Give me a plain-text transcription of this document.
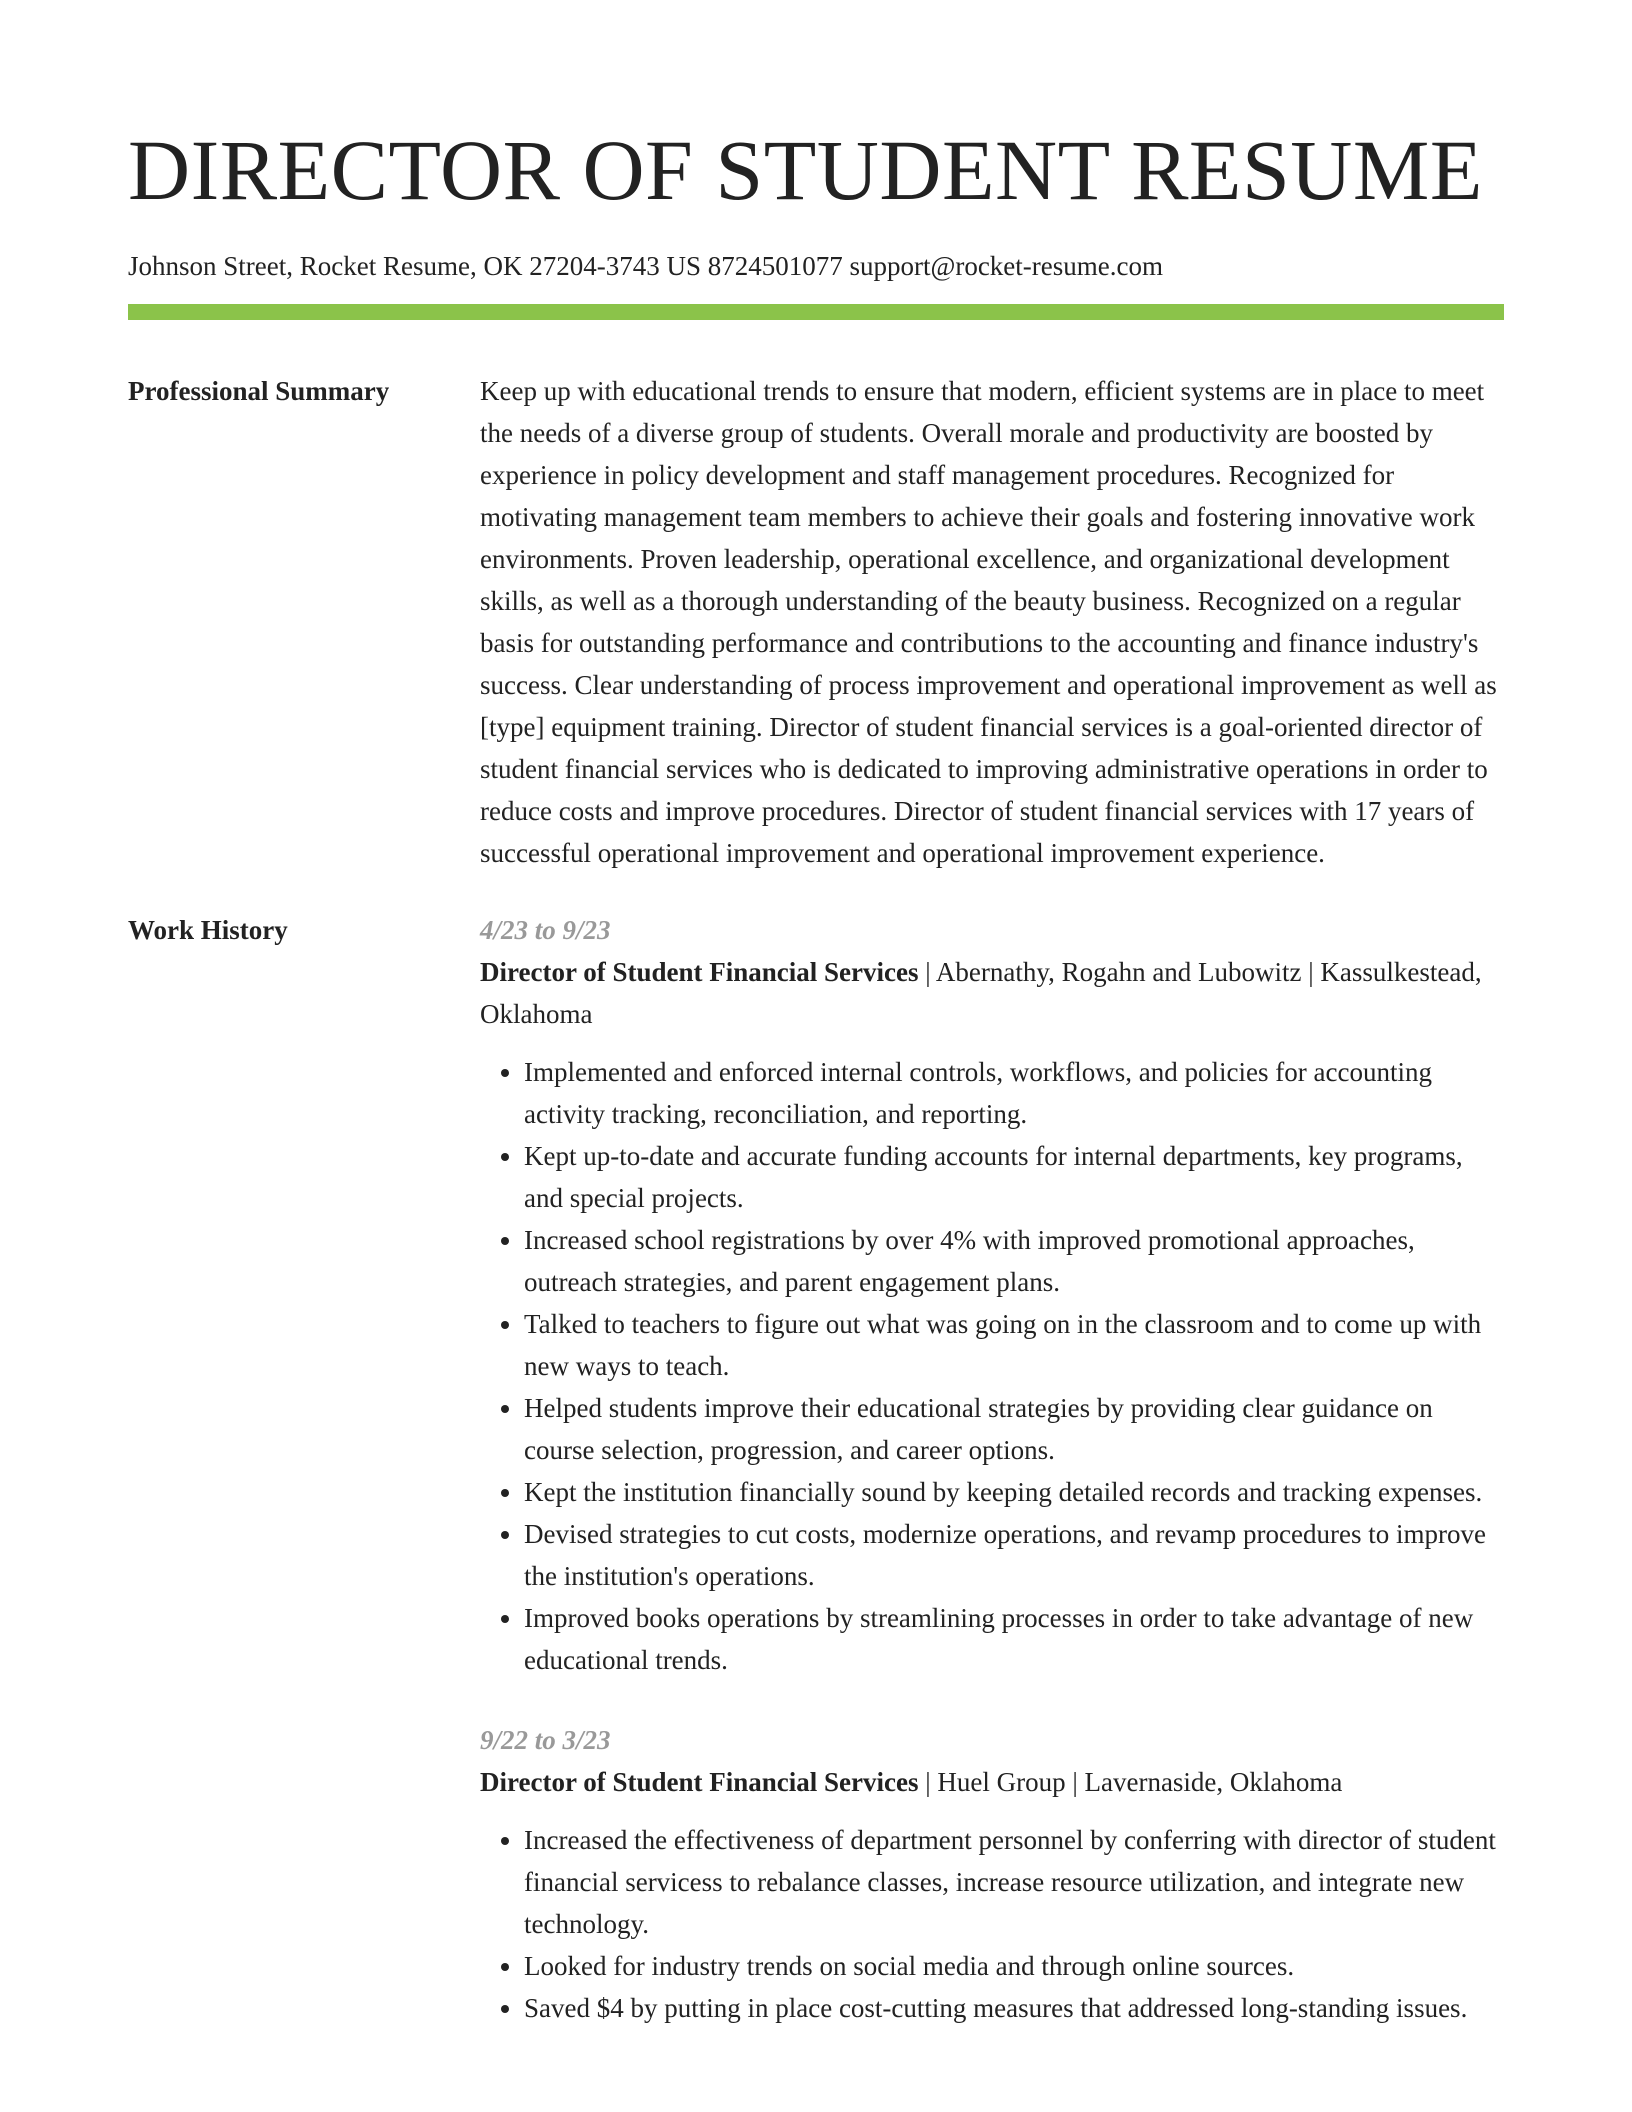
DIRECTOR OF STUDENT RESUME
Johnson Street, Rocket Resume, OK 27204-3743 US 8724501077 support@rocket-resume.com
Professional Summary	Keep up with educational trends to ensure that modern, efficient systems are in place to meet the needs of a diverse group of students. Overall morale and productivity are boosted by experience in policy development and staff management procedures. Recognized for motivating management team members to achieve their goals and fostering innovative work environments. Proven leadership, operational excellence, and organizational development skills, as well as a thorough understanding of the beauty business. Recognized on a regular basis for outstanding performance and contributions to the accounting and finance industry's success. Clear understanding of process improvement and operational improvement as well as [type] equipment training. Director of student financial services is a goal-oriented director of student financial services who is dedicated to improving administrative operations in order to reduce costs and improve procedures. Director of student financial services with 17 years of successful operational improvement and operational improvement experience.

Work History	4/23 to 9/23
Director of Student Financial Services | Abernathy, Rogahn and Lubowitz | Kassulkestead, Oklahoma
• Implemented and enforced internal controls, workflows, and policies for accounting activity tracking, reconciliation, and reporting.
• Kept up-to-date and accurate funding accounts for internal departments, key programs, and special projects.
• Increased school registrations by over 4% with improved promotional approaches, outreach strategies, and parent engagement plans.
• Talked to teachers to figure out what was going on in the classroom and to come up with new ways to teach.
• Helped students improve their educational strategies by providing clear guidance on course selection, progression, and career options.
• Kept the institution financially sound by keeping detailed records and tracking expenses.
• Devised strategies to cut costs, modernize operations, and revamp procedures to improve the institution's operations.
• Improved books operations by streamlining processes in order to take advantage of new educational trends.
9/22 to 3/23
Director of Student Financial Services | Huel Group | Lavernaside, Oklahoma
• Increased the effectiveness of department personnel by conferring with director of student financial servicess to rebalance classes, increase resource utilization, and integrate new technology.
• Looked for industry trends on social media and through online sources.
• Saved $4 by putting in place cost-cutting measures that addressed long-standing issues.
